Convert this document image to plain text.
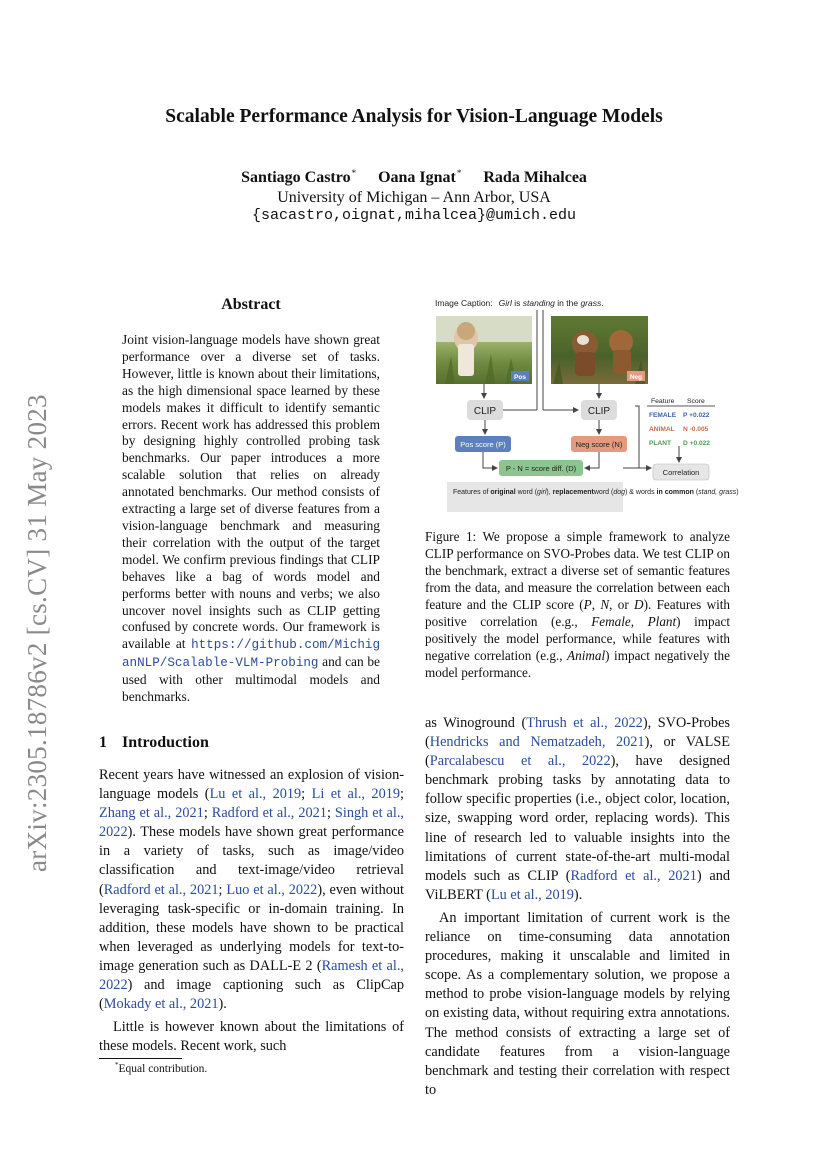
arXiv:2305.18786v2 [cs.CV] 31 May 2023
Scalable Performance Analysis for Vision-Language Models
Santiago Castro* Oana Ignat* Rada Mihalcea
University of Michigan – Ann Arbor, USA
{sacastro,oignat,mihalcea}@umich.edu
Abstract

Joint vision-language models have shown great performance over a diverse set of tasks. However, little is known about their limitations, as the high dimensional space learned by these models makes it difficult to identify semantic errors. Recent work has addressed this problem by designing highly controlled probing task benchmarks. Our paper introduces a more scalable solution that relies on already annotated benchmarks. Our method consists of extracting a large set of diverse features from a vision-language benchmark and measuring their correlation with the output of the target model. We confirm previous findings that CLIP behaves like a bag of words model and performs better with nouns and verbs; we also uncover novel insights such as CLIP getting confused by concrete words. Our framework is available at https://github.com/MichiganNLP/Scalable-VLM-Probing and can be used with other multimodal models and benchmarks.

1 Introduction

Recent years have witnessed an explosion of vision-language models (Lu et al., 2019; Li et al., 2019; Zhang et al., 2021; Radford et al., 2021; Singh et al., 2022). These models have shown great performance in a variety of tasks, such as image/video classification and text-image/video retrieval (Radford et al., 2021; Luo et al., 2022), even without leveraging task-specific or in-domain training. In addition, these models have shown to be practical when leveraged as underlying models for text-to-image generation such as DALL-E 2 (Ramesh et al., 2022) and image captioning such as ClipCap (Mokady et al., 2021).

Little is however known about the limitations of these models. Recent work, such

*Equal contribution.
Image Caption: Girl is standing in the grass.
Pos	Neg
CLIP	CLIP
Pos score (P)	Neg score (N)
P - N = score diff. (D)
Features of original word (girl), replacementword (dog) & words in common (stand, grass)
Feature Score
FEMALE P +0.022
ANIMAL N -0.005
PLANT D +0.022
Correlation
Figure 1: We propose a simple framework to analyze CLIP performance on SVO-Probes data. We test CLIP on the benchmark, extract a diverse set of semantic features from the data, and measure the correlation between each feature and the CLIP score (P, N, or D). Features with positive correlation (e.g., Female, Plant) impact positively the model performance, while features with negative correlation (e.g., Animal) impact negatively the model performance.

as Winoground (Thrush et al., 2022), SVO-Probes (Hendricks and Nematzadeh, 2021), or VALSE (Parcalabescu et al., 2022), have designed benchmark probing tasks by annotating data to follow specific properties (i.e., object color, location, size, swapping word order, replacing words). This line of research led to valuable insights into the limitations of current state-of-the-art multi-modal models such as CLIP (Radford et al., 2021) and ViLBERT (Lu et al., 2019).

An important limitation of current work is the reliance on time-consuming data annotation procedures, making it unscalable and limited in scope. As a complementary solution, we propose a method to probe vision-language models by relying on existing data, without requiring extra annotations. The method consists of extracting a large set of candidate features from a vision-language benchmark and testing their correlation with respect to
